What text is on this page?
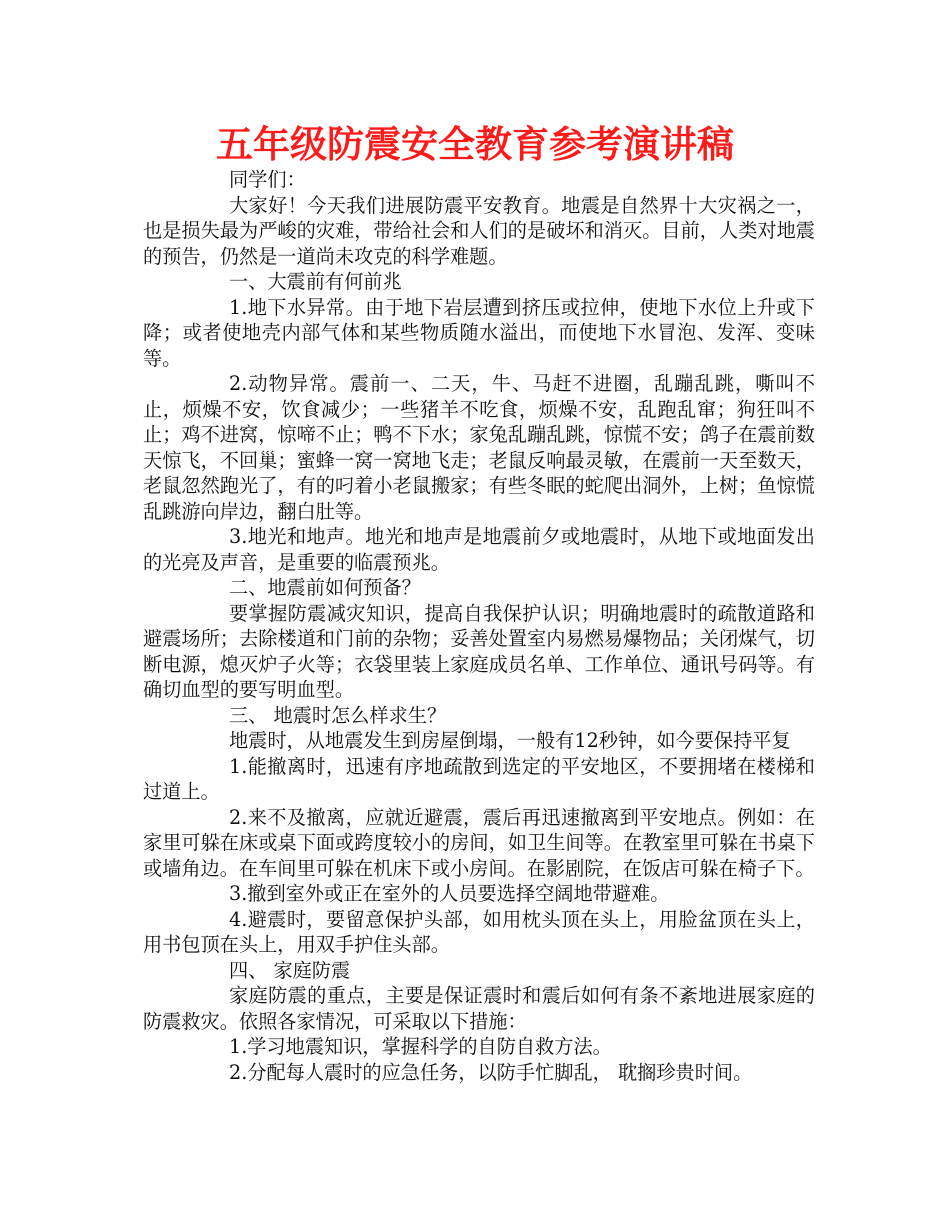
五年级防震安全教育参考演讲稿

同学们：

大家好！今天我们进展防震平安教育。地震是自然界十大灾祸之一，也是损失最为严峻的灾难，带给社会和人们的是破坏和消灭。目前，人类对地震的预告，仍然是一道尚未攻克的科学难题。

一、大震前有何前兆

1.地下水异常。由于地下岩层遭到挤压或拉伸，使地下水位上升或下降；或者使地壳内部气体和某些物质随水溢出，而使地下水冒泡、发浑、变味等。

2.动物异常。震前一、二天，牛、马赶不进圈，乱蹦乱跳，嘶叫不止，烦燥不安，饮食减少；一些猪羊不吃食，烦燥不安，乱跑乱窜；狗狂叫不止；鸡不进窝，惊啼不止；鸭不下水；家兔乱蹦乱跳，惊慌不安；鸽子在震前数天惊飞，不回巢；蜜蜂一窝一窝地飞走；老鼠反响最灵敏，在震前一天至数天，老鼠忽然跑光了，有的叼着小老鼠搬家；有些冬眠的蛇爬出洞外，上树；鱼惊慌乱跳游向岸边，翻白肚等。

3.地光和地声。地光和地声是地震前夕或地震时，从地下或地面发出的光亮及声音，是重要的临震预兆。

二、地震前如何预备？

要掌握防震减灾知识，提高自我保护认识；明确地震时的疏散道路和避震场所；去除楼道和门前的杂物；妥善处置室内易燃易爆物品；关闭煤气，切断电源，熄灭炉子火等；衣袋里装上家庭成员名单、工作单位、通讯号码等。有确切血型的要写明血型。

三、 地震时怎么样求生？

地震时，从地震发生到房屋倒塌，一般有12秒钟，如今要保持平复

1.能撤离时，迅速有序地疏散到选定的平安地区，不要拥堵在楼梯和过道上。

2.来不及撤离，应就近避震，震后再迅速撤离到平安地点。例如：在家里可躲在床或桌下面或跨度较小的房间，如卫生间等。在教室里可躲在书桌下或墙角边。在车间里可躲在机床下或小房间。在影剧院，在饭店可躲在椅子下。

3.撤到室外或正在室外的人员要选择空阔地带避难。

4.避震时，要留意保护头部，如用枕头顶在头上，用脸盆顶在头上，用书包顶在头上，用双手护住头部。

四、 家庭防震

家庭防震的重点，主要是保证震时和震后如何有条不紊地进展家庭的防震救灾。依照各家情况，可采取以下措施：

1.学习地震知识，掌握科学的自防自救方法。

2.分配每人震时的应急任务，以防手忙脚乱， 耽搁珍贵时间。
